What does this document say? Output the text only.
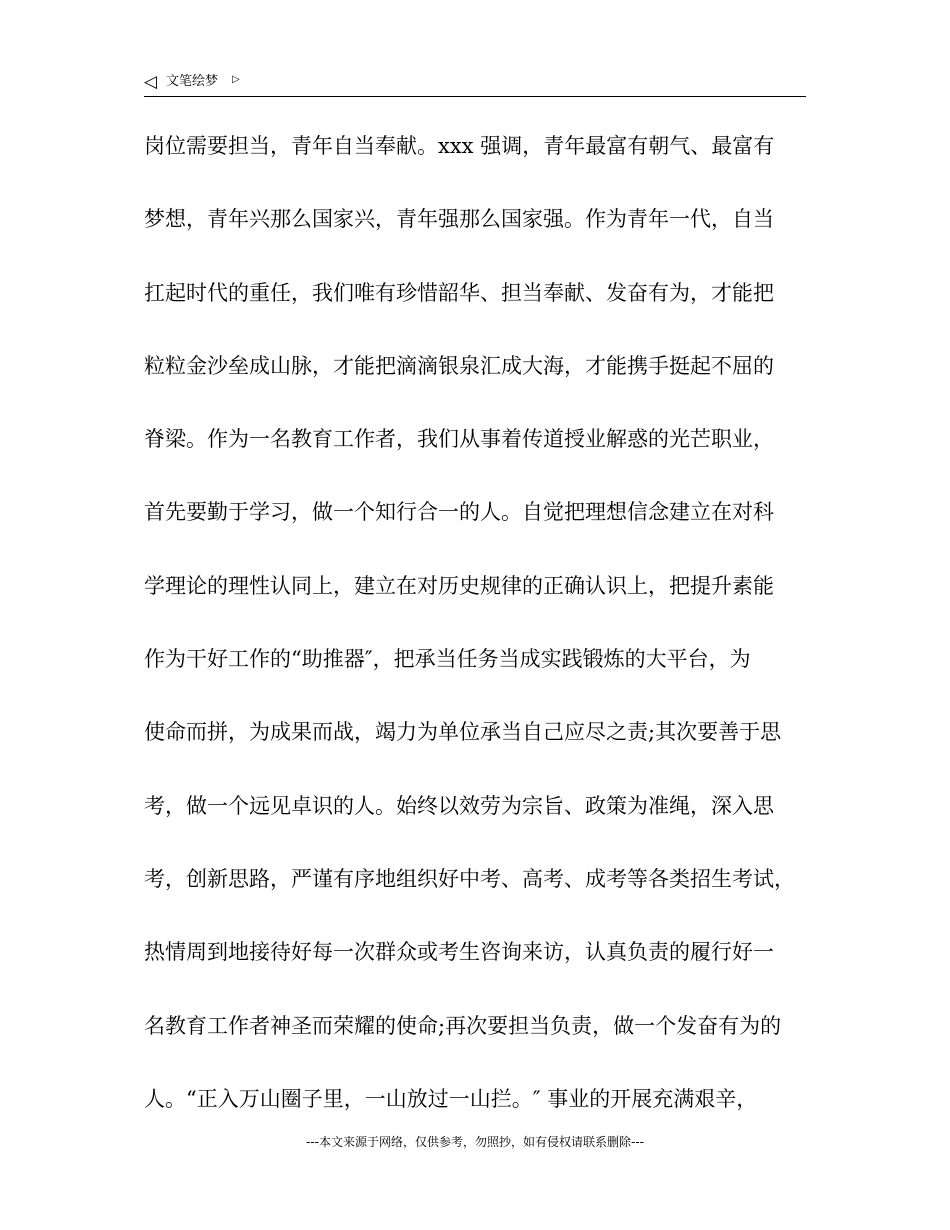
◁ 文笔绘梦 ▷
岗位需要担当，青年自当奉献。xxx 强调，青年最富有朝气、最富有
梦想，青年兴那么国家兴，青年强那么国家强。作为青年一代，自当
扛起时代的重任，我们唯有珍惜韶华、担当奉献、发奋有为，才能把
粒粒金沙垒成山脉，才能把滴滴银泉汇成大海，才能携手挺起不屈的
脊梁。作为一名教育工作者，我们从事着传道授业解惑的光芒职业，
首先要勤于学习，做一个知行合一的人。自觉把理想信念建立在对科
学理论的理性认同上，建立在对历史规律的正确认识上，把提升素能
作为干好工作的“助推器″，把承当任务当成实践锻炼的大平台，为
使命而拼，为成果而战，竭力为单位承当自己应尽之责;其次要善于思
考，做一个远见卓识的人。始终以效劳为宗旨、政策为准绳，深入思
考，创新思路，严谨有序地组织好中考、高考、成考等各类招生考试，
热情周到地接待好每一次群众或考生咨询来访，认真负责的履行好一
名教育工作者神圣而荣耀的使命;再次要担当负责，做一个发奋有为的
人。“正入万山圈子里，一山放过一山拦。″ 事业的开展充满艰辛，
---本文来源于网络，仅供参考，勿照抄，如有侵权请联系删除---
